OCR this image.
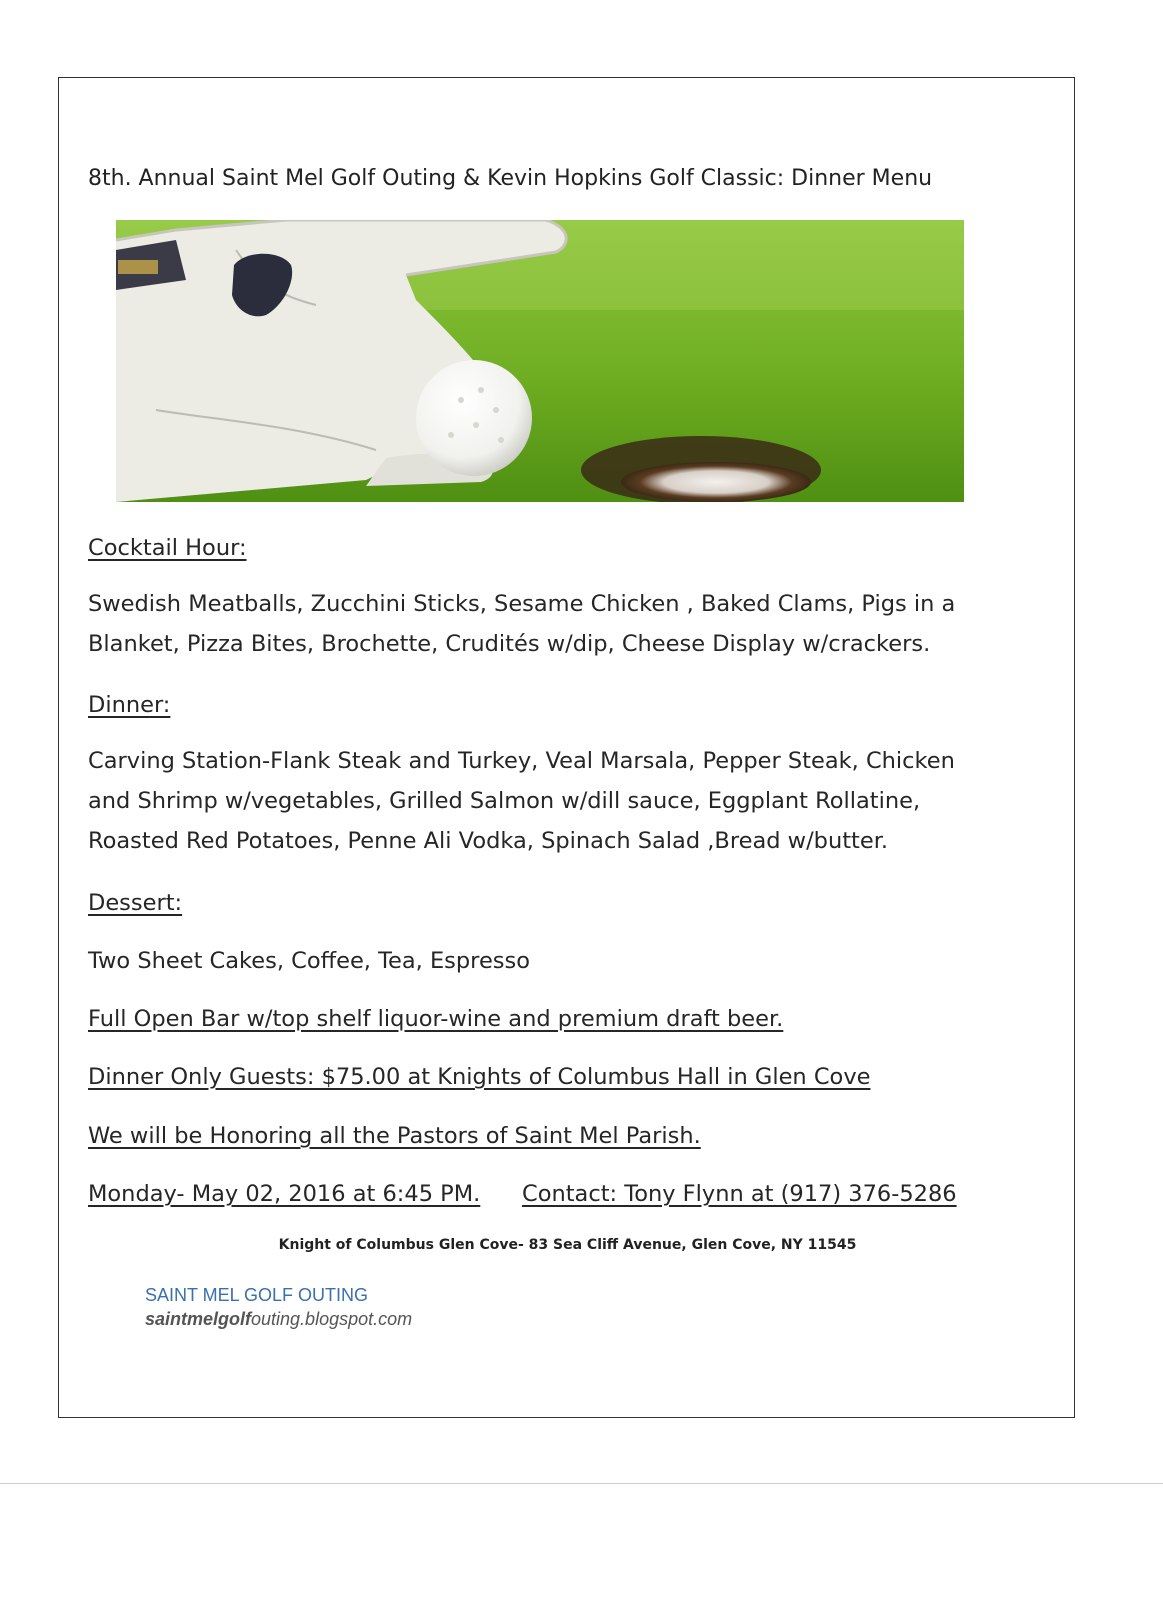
8th. Annual Saint Mel Golf Outing & Kevin Hopkins Golf Classic: Dinner Menu
Cocktail Hour:
Swedish Meatballs, Zucchini Sticks, Sesame Chicken , Baked Clams, Pigs in a
Blanket, Pizza Bites, Brochette, Crudités w/dip, Cheese Display w/crackers.
Dinner:
Carving Station-Flank Steak and Turkey, Veal Marsala, Pepper Steak, Chicken
and Shrimp w/vegetables, Grilled Salmon w/dill sauce, Eggplant Rollatine,
Roasted Red Potatoes, Penne Ali Vodka, Spinach Salad ,Bread w/butter.
Dessert:
Two Sheet Cakes, Coffee, Tea, Espresso
Full Open Bar w/top shelf liquor-wine and premium draft beer.
Dinner Only Guests: $75.00 at Knights of Columbus Hall in Glen Cove
We will be Honoring all the Pastors of Saint Mel Parish.
Monday- May 02, 2016 at 6:45 PM. Contact: Tony Flynn at (917) 376-5286
Knight of Columbus Glen Cove- 83 Sea Cliff Avenue, Glen Cove, NY 11545
SAINT MEL GOLF OUTING
saintmelgolfouting.blogspot.com
